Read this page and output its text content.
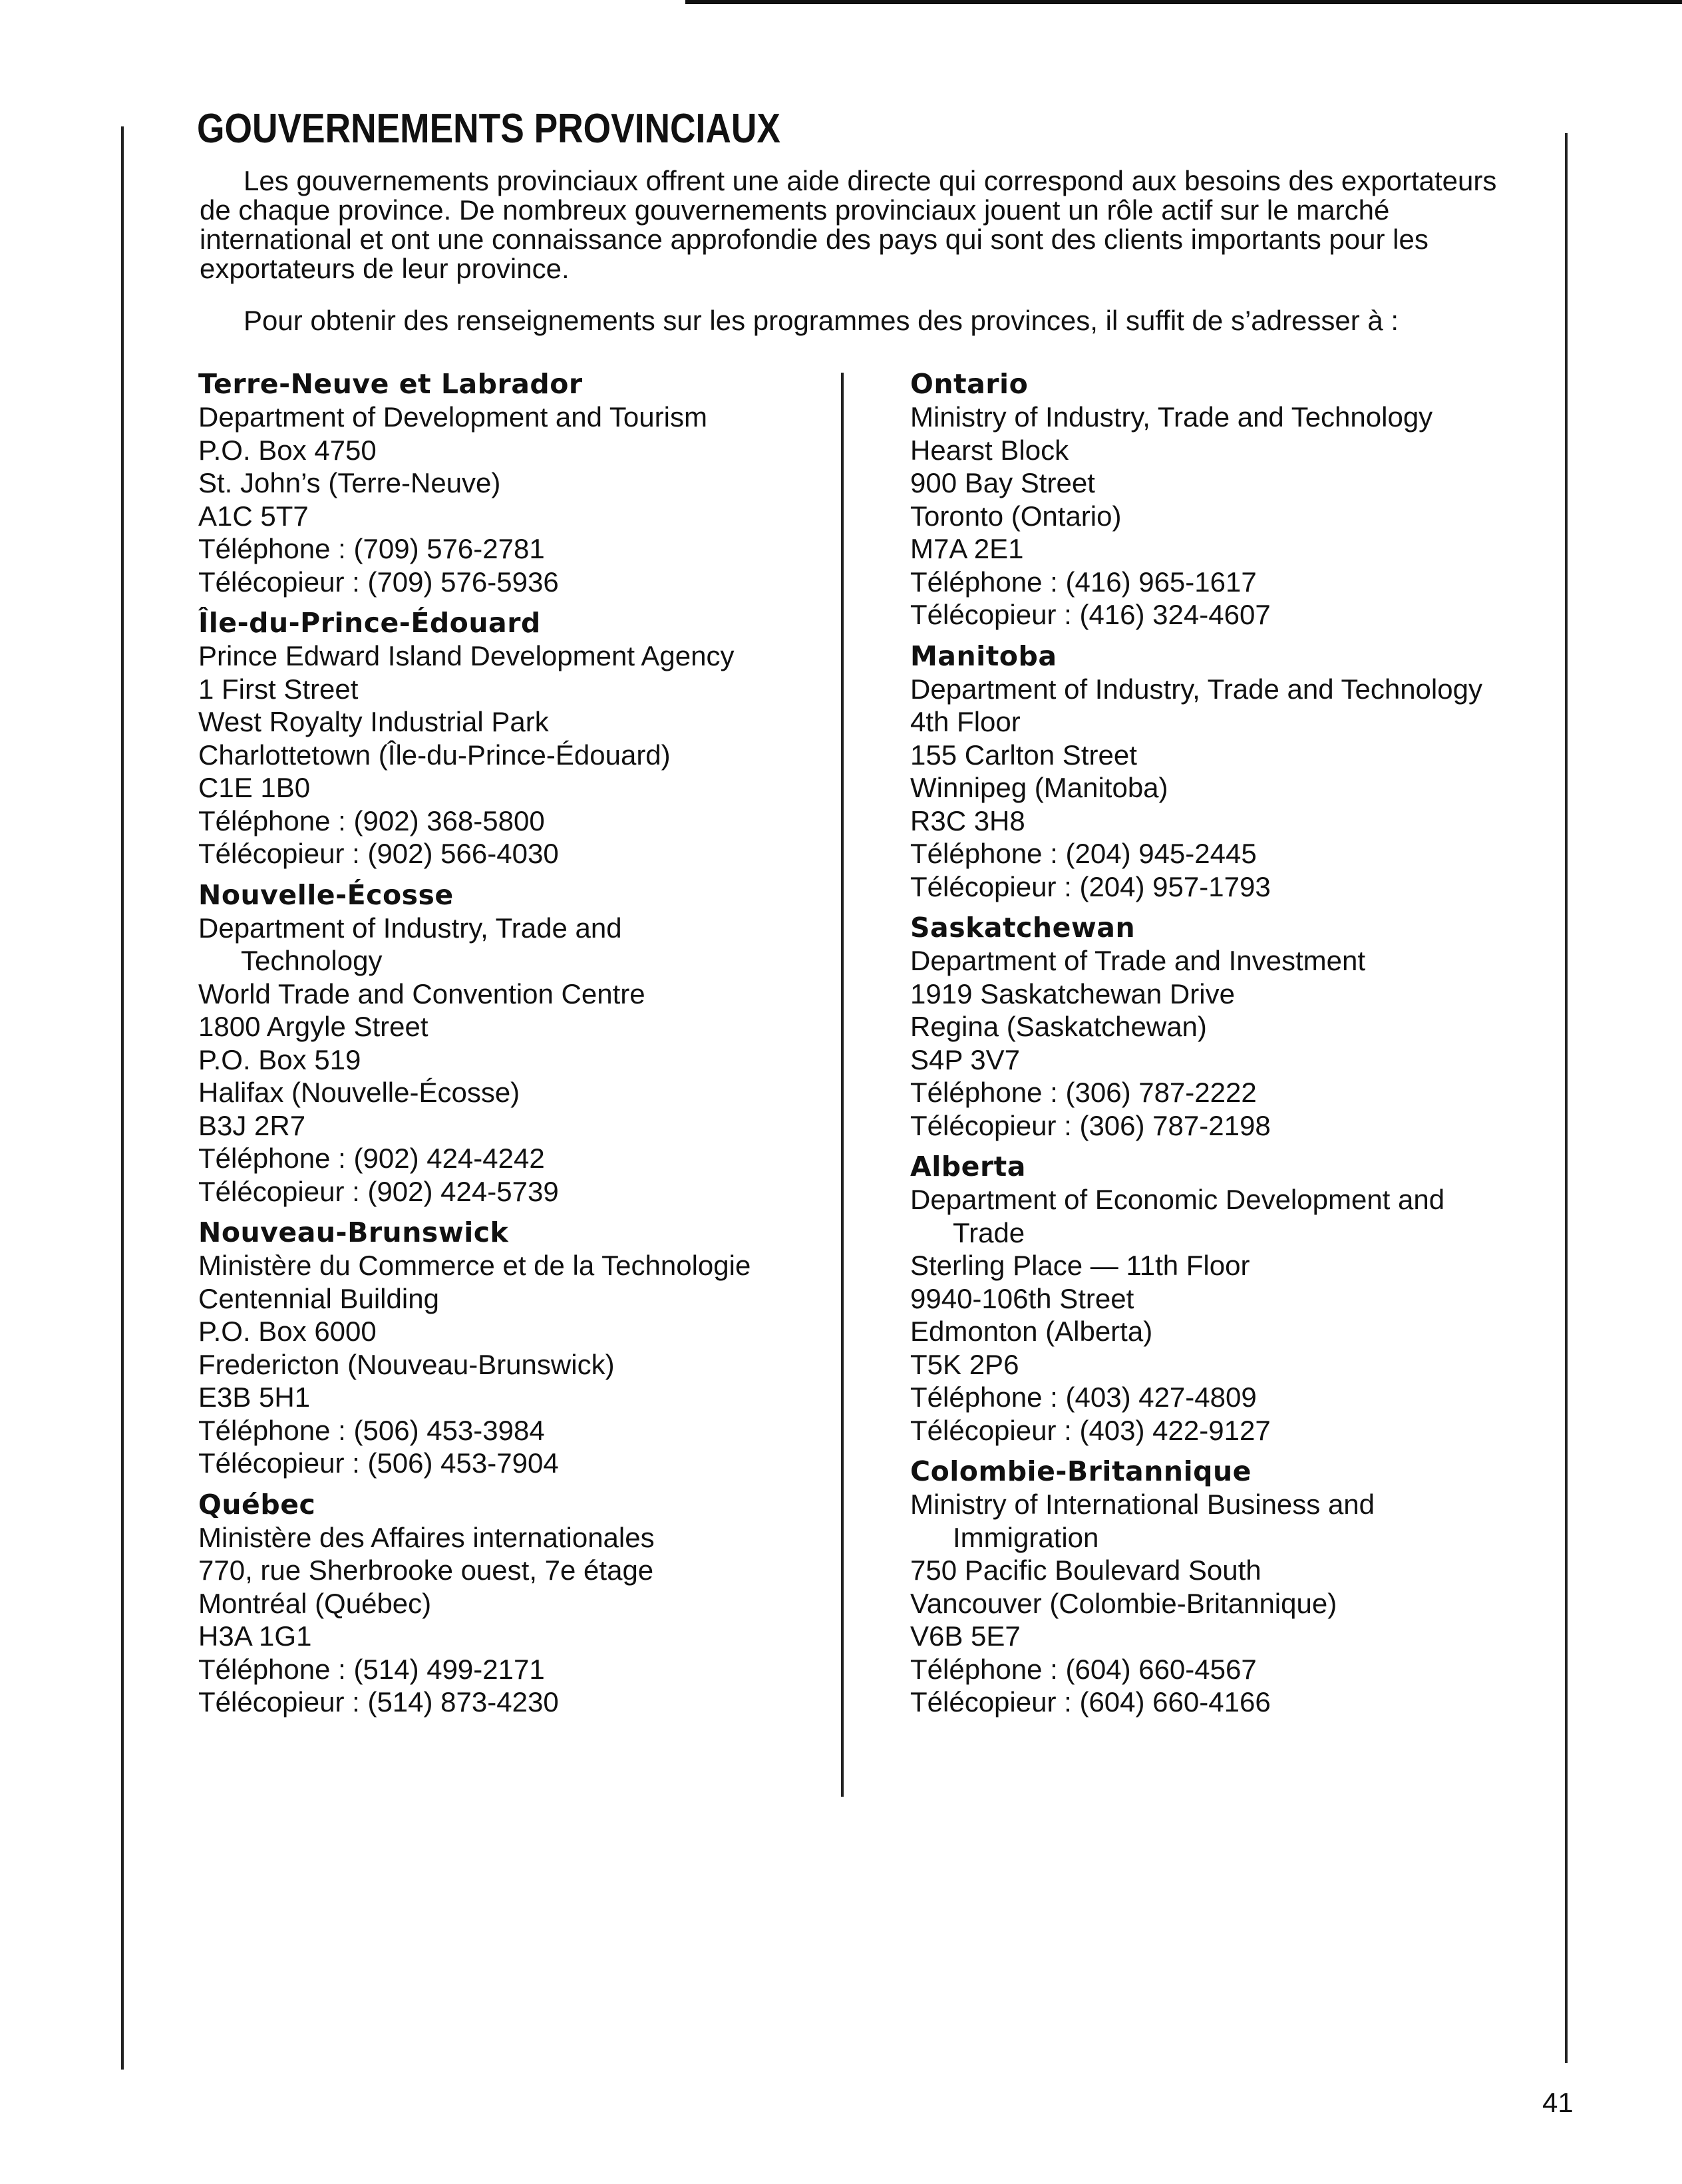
GOUVERNEMENTS PROVINCIAUX

Les gouvernements provinciaux offrent une aide directe qui correspond aux besoins des exportateurs de chaque province. De nombreux gouvernements provinciaux jouent un rôle actif sur le marché international et ont une connaissance approfondie des pays qui sont des clients importants pour les exportateurs de leur province.

Pour obtenir des renseignements sur les programmes des provinces, il suffit de s’adresser à :

Terre-Neuve et Labrador
Department of Development and Tourism
P.O. Box 4750
St. John’s (Terre-Neuve)
A1C 5T7
Téléphone : (709) 576-2781
Télécopieur : (709) 576-5936
Île-du-Prince-Édouard
Prince Edward Island Development Agency
1 First Street
West Royalty Industrial Park
Charlottetown (Île-du-Prince-Édouard)
C1E 1B0
Téléphone : (902) 368-5800
Télécopieur : (902) 566-4030
Nouvelle-Écosse
Department of Industry, Trade and
Technology
World Trade and Convention Centre
1800 Argyle Street
P.O. Box 519
Halifax (Nouvelle-Écosse)
B3J 2R7
Téléphone : (902) 424-4242
Télécopieur : (902) 424-5739
Nouveau-Brunswick
Ministère du Commerce et de la Technologie
Centennial Building
P.O. Box 6000
Fredericton (Nouveau-Brunswick)
E3B 5H1
Téléphone : (506) 453-3984
Télécopieur : (506) 453-7904
Québec
Ministère des Affaires internationales
770, rue Sherbrooke ouest, 7e étage
Montréal (Québec)
H3A 1G1
Téléphone : (514) 499-2171
Télécopieur : (514) 873-4230
Ontario
Ministry of Industry, Trade and Technology
Hearst Block
900 Bay Street
Toronto (Ontario)
M7A 2E1
Téléphone : (416) 965-1617
Télécopieur : (416) 324-4607
Manitoba
Department of Industry, Trade and Technology
4th Floor
155 Carlton Street
Winnipeg (Manitoba)
R3C 3H8
Téléphone : (204) 945-2445
Télécopieur : (204) 957-1793
Saskatchewan
Department of Trade and Investment
1919 Saskatchewan Drive
Regina (Saskatchewan)
S4P 3V7
Téléphone : (306) 787-2222
Télécopieur : (306) 787-2198
Alberta
Department of Economic Development and
Trade
Sterling Place — 11th Floor
9940-106th Street
Edmonton (Alberta)
T5K 2P6
Téléphone : (403) 427-4809
Télécopieur : (403) 422-9127
Colombie-Britannique
Ministry of International Business and
Immigration
750 Pacific Boulevard South
Vancouver (Colombie-Britannique)
V6B 5E7
Téléphone : (604) 660-4567
Télécopieur : (604) 660-4166
41
